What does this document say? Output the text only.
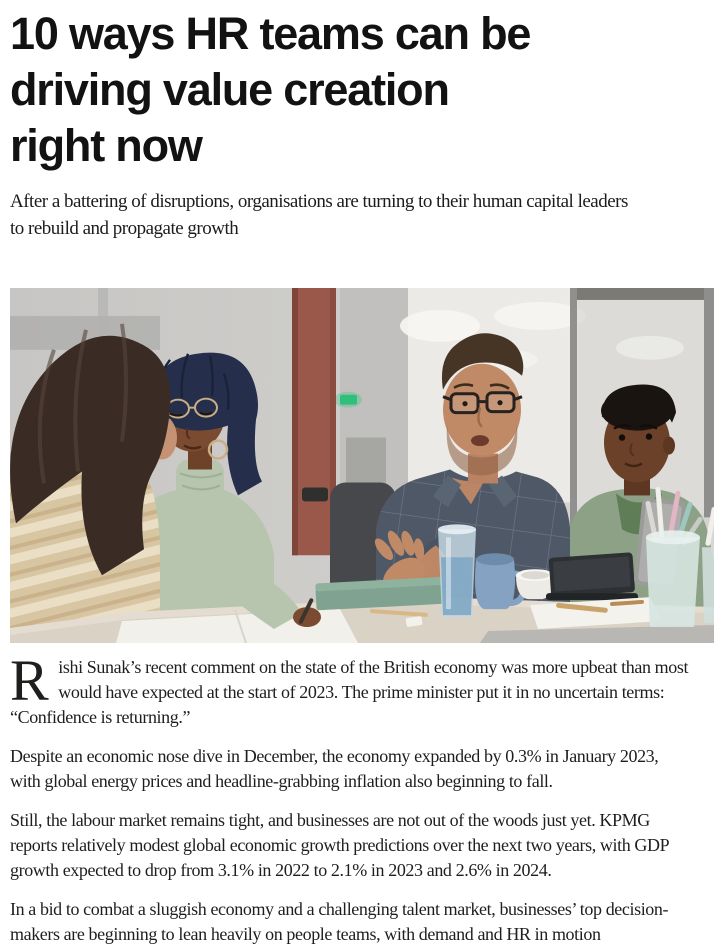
10 ways HR teams can be
driving value creation
right now

After a battering of disruptions, organisations are turning to their human capital leaders
to rebuild and propagate growth

R ishi Sunak’s recent comment on the state of the British economy was more upbeat than most
would have expected at the start of 2023. The prime minister put it in no uncertain terms:
“Confidence is returning.”

Despite an economic nose dive in December, the economy expanded by 0.3% in January 2023,
with global energy prices and headline-grabbing inflation also beginning to fall.

Still, the labour market remains tight, and businesses are not out of the woods just yet. KPMG
reports relatively modest global economic growth predictions over the next two years, with GDP
growth expected to drop from 3.1% in 2022 to 2.1% in 2023 and 2.6% in 2024.

In a bid to combat a sluggish economy and a challenging talent market, businesses’ top decision-
makers are beginning to lean heavily on people teams, with demand and HR in motion
